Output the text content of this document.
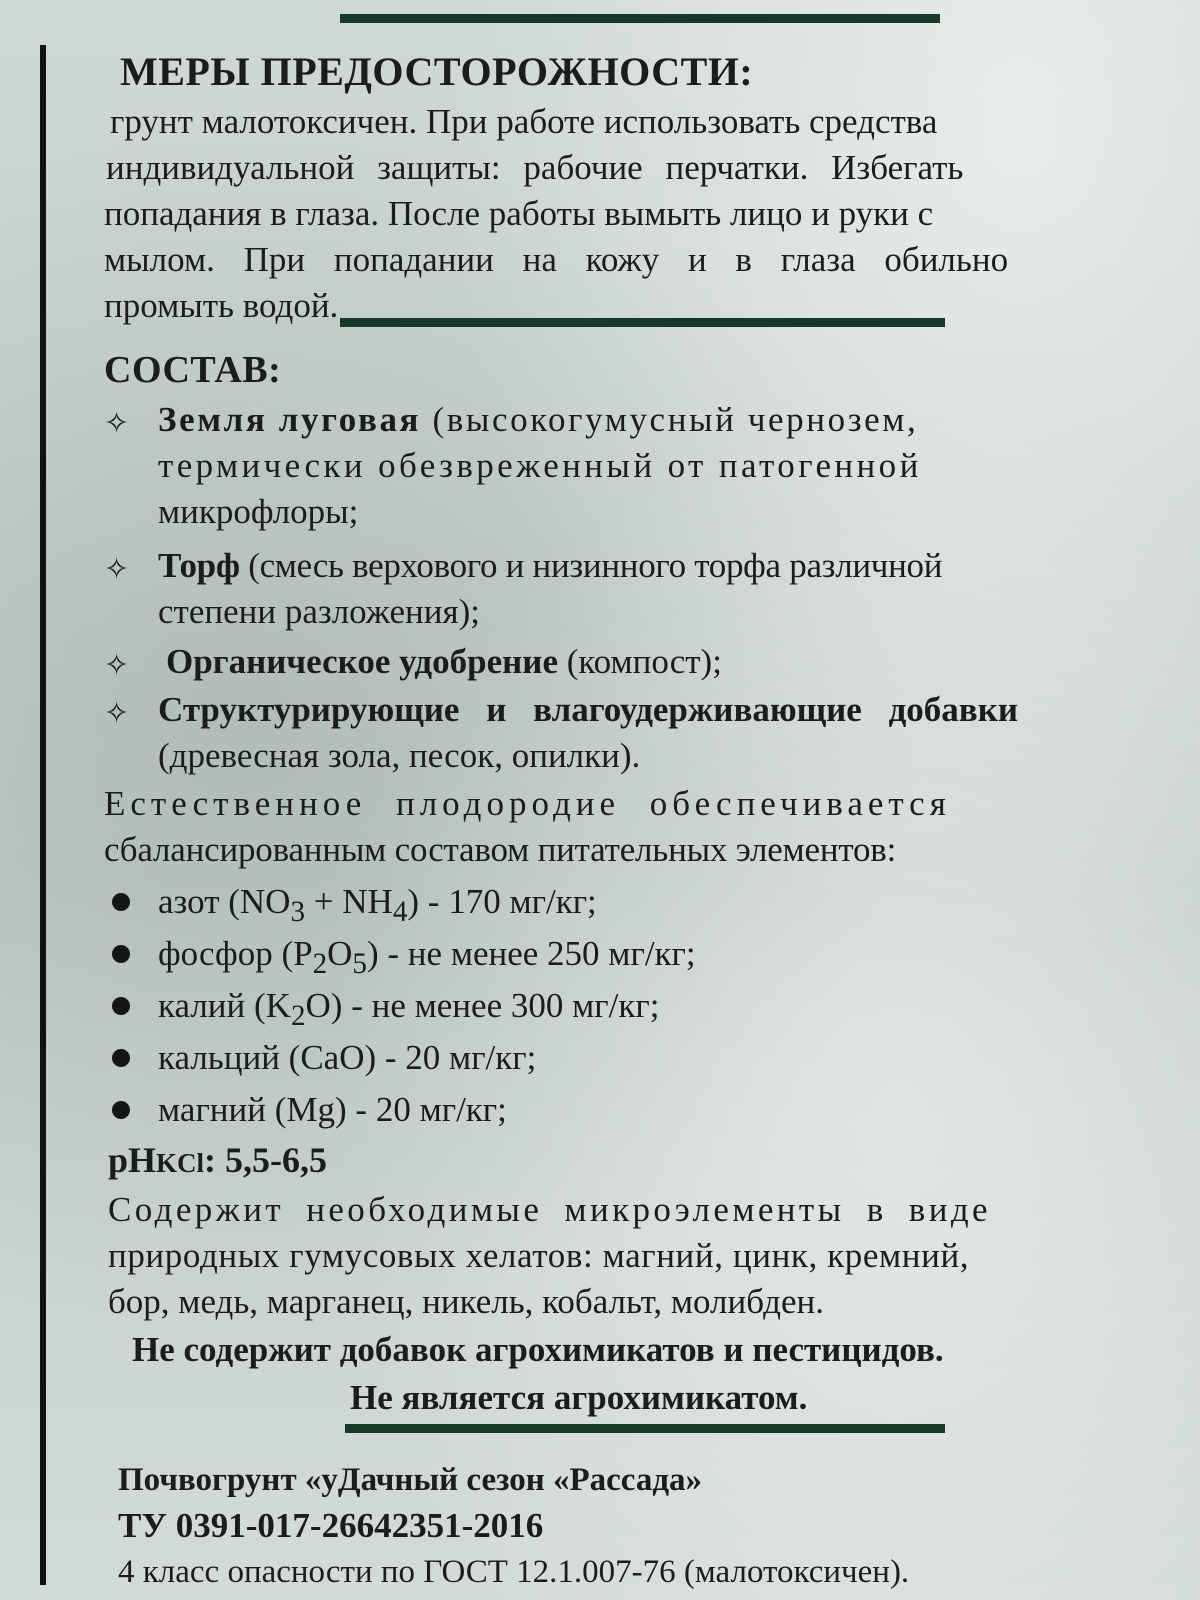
МЕРЫ ПРЕДОСТОРОЖНОСТИ:
грунт малотоксичен. При работе использовать средства
индивидуальной защиты: рабочие перчатки. Избегать
попадания в глаза. После работы вымыть лицо и руки с
мылом. При попадании на кожу и в глаза обильно
промыть водой.
СОСТАВ:
✧ Земля луговая (высокогумусный чернозем,
термически обезвреженный от патогенной
микрофлоры;
✧ Торф (смесь верхового и низинного торфа различной
степени разложения);
✧ Органическое удобрение (компост);
✧ Структурирующие и влагоудерживающие добавки
(древесная зола, песок, опилки).
Естественное плодородие обеспечивается
сбалансированным составом питательных элементов:
азот $(NO_3 + NH_4) - 170$ мг/кг;
фосфор $(P_2O_5)$ - не менее 250 мг/кг;
калий $(K_2O)$ - не менее 300 мг/кг;
кальций (CaO) - 20 мг/кг;
магний (Mg) - 20 мг/кг;
pHKCl: 5,5-6,5
Содержит необходимые микроэлементы в виде
природных гумусовых хелатов: магний, цинк, кремний,
бор, медь, марганец, никель, кобальт, молибден.
Не содержит добавок агрохимикатов и пестицидов.
Не является агрохимикатом.
Почвогрунт «уДачный сезон «Рассада»
ТУ 0391-017-26642351-2016
4 класс опасности по ГОСТ 12.1.007-76 (малотоксичен).
